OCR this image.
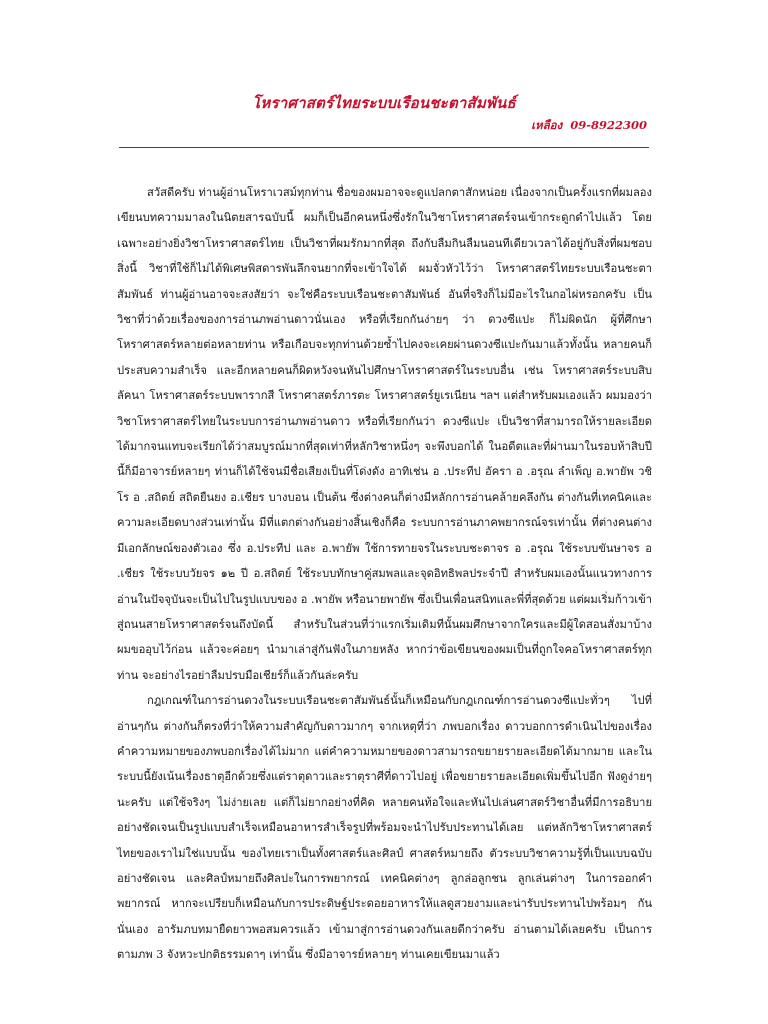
โหราศาสตร์ไทยระบบเรือนชะตาสัมพันธ์
เหลือง 09-8922300

สวัสดีครับ ท่านผู้อ่านโหราเวสม์ทุกท่าน ชื่อของผมอาจจะดูแปลกตาสักหน่อย เนื่องจากเป็นครั้งแรกที่ผมลองเขียนบทความมาลงในนิตยสารฉบับนี้ ผมก็เป็นอีกคนหนึ่งซึ่งรักในวิชาโหราศาสตร์จนเข้ากระดูกดำไปแล้ว โดยเฉพาะอย่างยิ่งวิชาโหราศาสตร์ไทย เป็นวิชาที่ผมรักมากที่สุด ถึงกับลืมกินลืมนอนทีเดียวเวลาได้อยู่กับสิ่งที่ผมชอบสิ่งนี้ วิชาที่ใช้ก็ไม่ได้พิเศษพิสดารพันลึกจนยากที่จะเข้าใจได้ ผมจั่วหัวไว้ว่า โหราศาสตร์ไทยระบบเรือนชะตาสัมพันธ์ ท่านผู้อ่านอาจจะสงสัยว่า จะใช่คือระบบเรือนชะตาสัมพันธ์ อันที่จริงก็ไม่มีอะไรในกอไผ่หรอกครับ เป็นวิชาที่ว่าด้วยเรื่องของการอ่านภพอ่านดาวนั่นเอง หรือที่เรียกกันง่ายๆ ว่า ดวงซีแปะ ก็ไม่ผิดนัก ผู้ที่ศึกษาโหราศาสตร์หลายต่อหลายท่าน หรือเกือบจะทุกท่านด้วยซ้ำไปคงจะเคยผ่านดวงซีแปะกันมาแล้วทั้งนั้น หลายคนก็ประสบความสำเร็จ และอีกหลายคนก็ผิดหวังจนหันไปศึกษาโหราศาสตร์ในระบบอื่น เช่น โหราศาสตร์ระบบสิบลัคนา โหราศาสตร์ระบบพารากสี โหราศาสตร์ภารตะ โหราศาสตร์ยูเรเนียน ฯลฯ แต่สำหรับผมเองแล้ว ผมมองว่าวิชาโหราศาสตร์ไทยในระบบการอ่านภพอ่านดาว หรือที่เรียกกันว่า ดวงซีแปะ เป็นวิชาที่สามารถให้รายละเอียดได้มากจนแทบจะเรียกได้ว่าสมบูรณ์มากที่สุดเท่าที่หลักวิชาหนึ่งๆ จะพึงบอกได้ ในอดีตและที่ผ่านมาในรอบห้าสิบปีนี้ก็มีอาจารย์หลายๆ ท่านก็ได้ใช้จนมีชื่อเสียงเป็นที่โด่งดัง อาทิเช่น อ .ประทีป อัครา อ .อรุณ ลำเพ็ญ อ.พายัพ วชิโร อ .สถิตย์ สถิตยืนยง อ.เชียร บางบอน เป็นต้น ซึ่งต่างคนก็ต่างมีหลักการอ่านคล้ายคลึงกัน ต่างกันที่เทคนิคและความละเอียดบางส่วนเท่านั้น มีที่แตกต่างกันอย่างสิ้นเชิงก็คือ ระบบการอ่านภาคพยากรณ์จรเท่านั้น ที่ต่างคนต่างมีเอกลักษณ์ของตัวเอง ซึ่ง อ.ประทีป และ อ.พายัพ ใช้การทายจรในระบบชะตาจร อ .อรุณ ใช้ระบบขันษาจร อ .เชียร ใช้ระบบวัยจร ๑๒ ปี อ.สถิตย์ ใช้ระบบทักษาคู่สมพลและจุดอิทธิพลประจำปี สำหรับผมเองนั้นแนวทางการอ่านในปัจจุบันจะเป็นไปในรูปแบบของ อ .พายัพ หรือนายพายัพ ซึ่งเป็นเพื่อนสนิทและพี่ที่สุดด้วย แต่ผมเริ่มก้าวเข้าสู่ถนนสายโหราศาสตร์จนถึงบัดนี้ สำหรับในส่วนที่ว่าแรกเริ่มเดิมทีนั้นผมศึกษาจากใครและมีผู้ใดสอนสั่งมาบ้าง ผมขออุบไว้ก่อน แล้วจะค่อยๆ นำมาเล่าสู่กันฟังในภายหลัง หากว่าข้อเขียนของผมเป็นที่ถูกใจคอโหราศาสตร์ทุกท่าน จะอย่างไรอย่าลืมปรบมือเชียร์ก็แล้วกันล่ะครับ

กฎเกณฑ์ในการอ่านดวงในระบบเรือนชะตาสัมพันธ์นั้นก็เหมือนกับกฎเกณฑ์การอ่านดวงซีแปะทั่วๆ ไปที่อ่านๆกัน ต่างกันก็ตรงที่ว่าให้ความสำคัญกับดาวมากๆ จากเหตุที่ว่า ภพบอกเรื่อง ดาวบอกการดำเนินไปของเรื่อง คำความหมายของภพบอกเรื่องได้ไม่มาก แต่คำความหมายของดาวสามารถขยายรายละเอียดได้มากมาย และในระบบนี้ยังเน้นเรื่องธาตุอีกด้วยซึ่งแต่ราตุดาวและราตุราศีที่ดาวไปอยู่ เพื่อขยายรายละเอียดเพิ่มขึ้นไปอีก ฟังดูง่ายๆ นะครับ แต่ใช้จริงๆ ไม่ง่ายเลย แต่ก็ไม่ยากอย่างที่คิด หลายคนท้อใจและหันไปเล่นศาสตร์วิชาอื่นที่มีการอธิบายอย่างชัดเจนเป็นรูปแบบสำเร็จเหมือนอาหารสำเร็จรูปที่พร้อมจะนำไปรับประทานได้เลย แต่หลักวิชาโหราศาสตร์ไทยของเราไม่ใช่แบบนั้น ของไทยเราเป็นทั้งศาสตร์และศิลป์ ศาสตร์หมายถึง ตัวระบบวิชาความรู้ที่เป็นแบบฉบับอย่างชัดเจน และศิลป์หมายถึงศิลปะในการพยากรณ์ เทคนิคต่างๆ ลูกล่อลูกชน ลูกเล่นต่างๆ ในการออกคำพยากรณ์ หากจะเปรียบก็เหมือนกับการประดิษฐ์ประดอยอาหารให้แลดูสวยงามและน่ารับประทานไปพร้อมๆ กันนั่นเอง อารัมภบทมายืดยาวพอสมควรแล้ว เข้ามาสู่การอ่านดวงกันเลยดีกว่าครับ อ่านตามได้เลยครับ เป็นการตามภพ 3 จังหวะปกติธรรมดาๆ เท่านั้น ซึ่งมีอาจารย์หลายๆ ท่านเคยเขียนมาแล้ว
